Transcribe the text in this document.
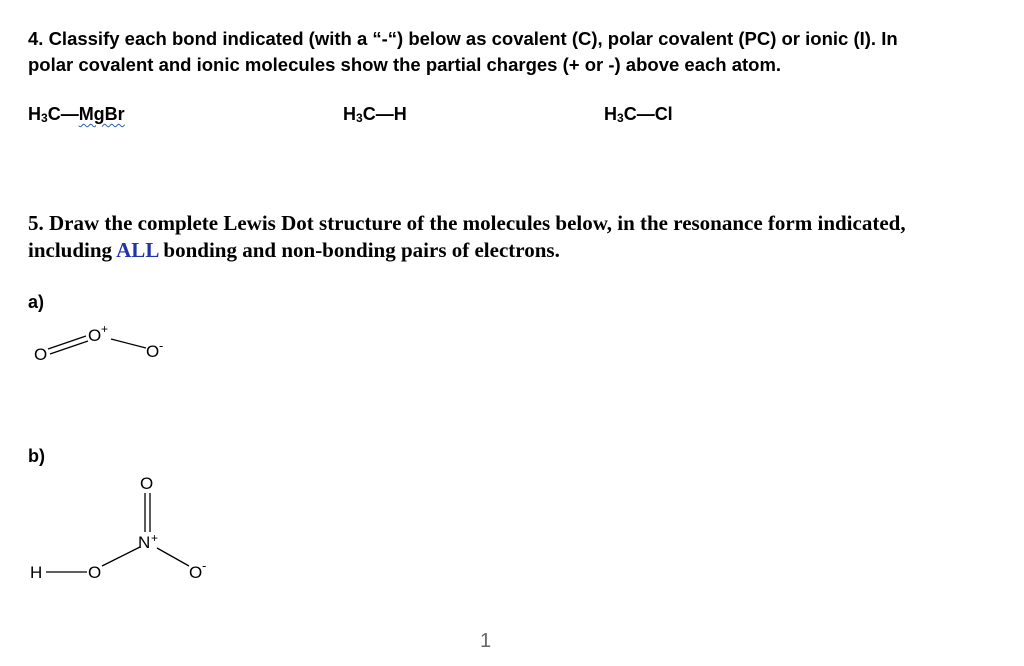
4. Classify each bond indicated (with a “-“) below as covalent (C), polar covalent (PC) or ionic (I). In
polar covalent and ionic molecules show the partial charges (+ or -) above each atom.
H3C—MgBr	H3C—H	H3C—Cl
5. Draw the complete Lewis Dot structure of the molecules below, in the resonance form indicated,
including ALL bonding and non-bonding pairs of electrons.
a)
O
O +
O -
b)
H	O
N +
O
O -
1
